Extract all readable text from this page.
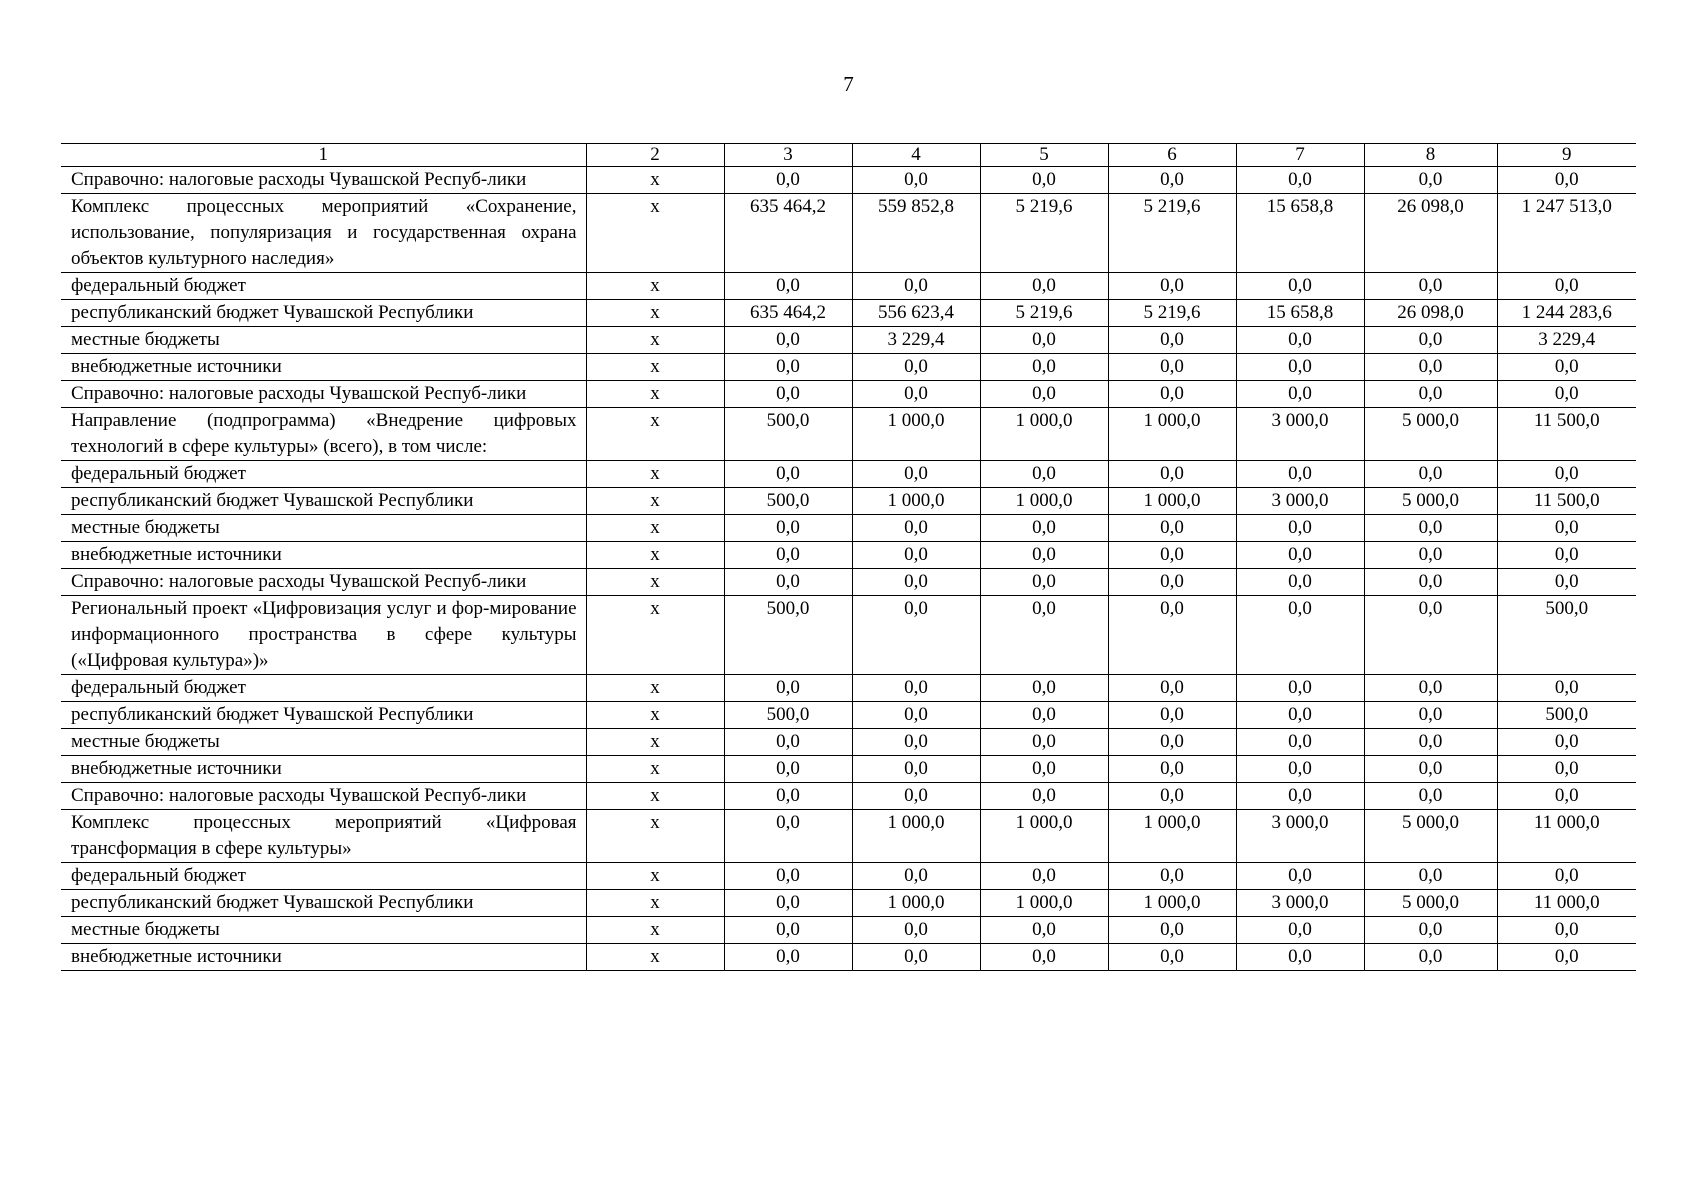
7
1	2	3	4	5	6	7	8	9
Справочно: налоговые расходы Чувашской Респуб-лики	х	0,0	0,0	0,0	0,0	0,0	0,0	0,0
Комплекс процессных мероприятий «Сохранение, использование, популяризация и государственная охрана объектов культурного наследия»	х	635 464,2	559 852,8	5 219,6	5 219,6	15 658,8	26 098,0	1 247 513,0
федеральный бюджет	х	0,0	0,0	0,0	0,0	0,0	0,0	0,0
республиканский бюджет Чувашской Республики	х	635 464,2	556 623,4	5 219,6	5 219,6	15 658,8	26 098,0	1 244 283,6
местные бюджеты	х	0,0	3 229,4	0,0	0,0	0,0	0,0	3 229,4
внебюджетные источники	х	0,0	0,0	0,0	0,0	0,0	0,0	0,0
Справочно: налоговые расходы Чувашской Респуб-лики	х	0,0	0,0	0,0	0,0	0,0	0,0	0,0
Направление (подпрограмма) «Внедрение цифровых технологий в сфере культуры» (всего), в том числе:	х	500,0	1 000,0	1 000,0	1 000,0	3 000,0	5 000,0	11 500,0
федеральный бюджет	х	0,0	0,0	0,0	0,0	0,0	0,0	0,0
республиканский бюджет Чувашской Республики	х	500,0	1 000,0	1 000,0	1 000,0	3 000,0	5 000,0	11 500,0
местные бюджеты	х	0,0	0,0	0,0	0,0	0,0	0,0	0,0
внебюджетные источники	х	0,0	0,0	0,0	0,0	0,0	0,0	0,0
Справочно: налоговые расходы Чувашской Респуб-лики	х	0,0	0,0	0,0	0,0	0,0	0,0	0,0
Региональный проект «Цифровизация услуг и фор-мирование информационного пространства в сфере культуры («Цифровая культура»)»	х	500,0	0,0	0,0	0,0	0,0	0,0	500,0
федеральный бюджет	х	0,0	0,0	0,0	0,0	0,0	0,0	0,0
республиканский бюджет Чувашской Республики	х	500,0	0,0	0,0	0,0	0,0	0,0	500,0
местные бюджеты	х	0,0	0,0	0,0	0,0	0,0	0,0	0,0
внебюджетные источники	х	0,0	0,0	0,0	0,0	0,0	0,0	0,0
Справочно: налоговые расходы Чувашской Респуб-лики	х	0,0	0,0	0,0	0,0	0,0	0,0	0,0
Комплекс процессных мероприятий «Цифровая трансформация в сфере культуры»	х	0,0	1 000,0	1 000,0	1 000,0	3 000,0	5 000,0	11 000,0
федеральный бюджет	х	0,0	0,0	0,0	0,0	0,0	0,0	0,0
республиканский бюджет Чувашской Республики	х	0,0	1 000,0	1 000,0	1 000,0	3 000,0	5 000,0	11 000,0
местные бюджеты	х	0,0	0,0	0,0	0,0	0,0	0,0	0,0
внебюджетные источники	х	0,0	0,0	0,0	0,0	0,0	0,0	0,0
